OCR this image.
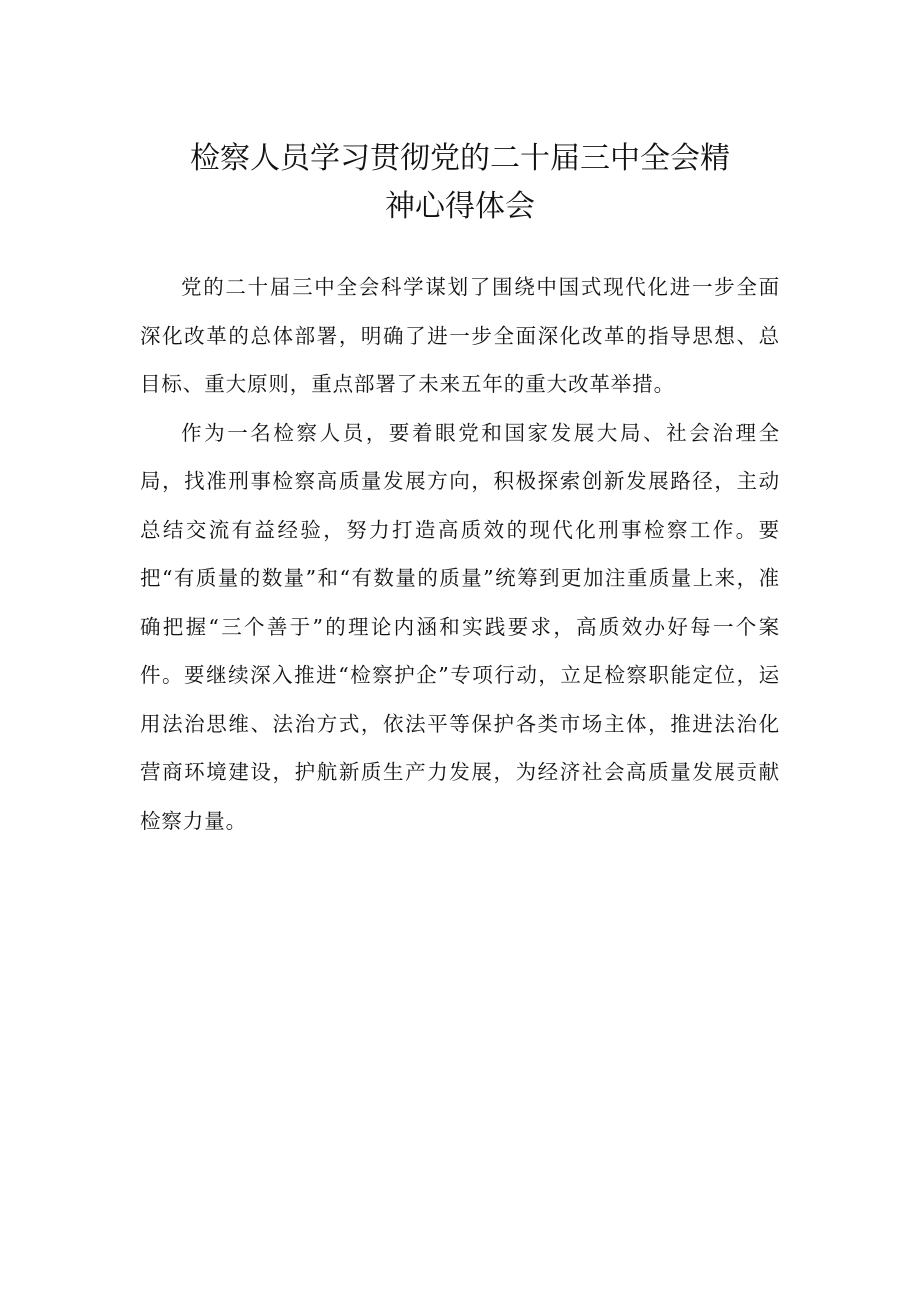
检察人员学习贯彻党的二十届三中全会精
神心得体会

党的二十届三中全会科学谋划了围绕中国式现代化进一步全面深化改革的总体部署，明确了进一步全面深化改革的指导思想、总目标、重大原则，重点部署了未来五年的重大改革举措。

作为一名检察人员，要着眼党和国家发展大局、社会治理全局，找准刑事检察高质量发展方向，积极探索创新发展路径，主动总结交流有益经验，努力打造高质效的现代化刑事检察工作。要把“有质量的数量”和“有数量的质量”统筹到更加注重质量上来，准确把握“三个善于”的理论内涵和实践要求，高质效办好每一个案件。要继续深入推进“检察护企”专项行动，立足检察职能定位，运用法治思维、法治方式，依法平等保护各类市场主体，推进法治化营商环境建设，护航新质生产力发展，为经济社会高质量发展贡献检察力量。
